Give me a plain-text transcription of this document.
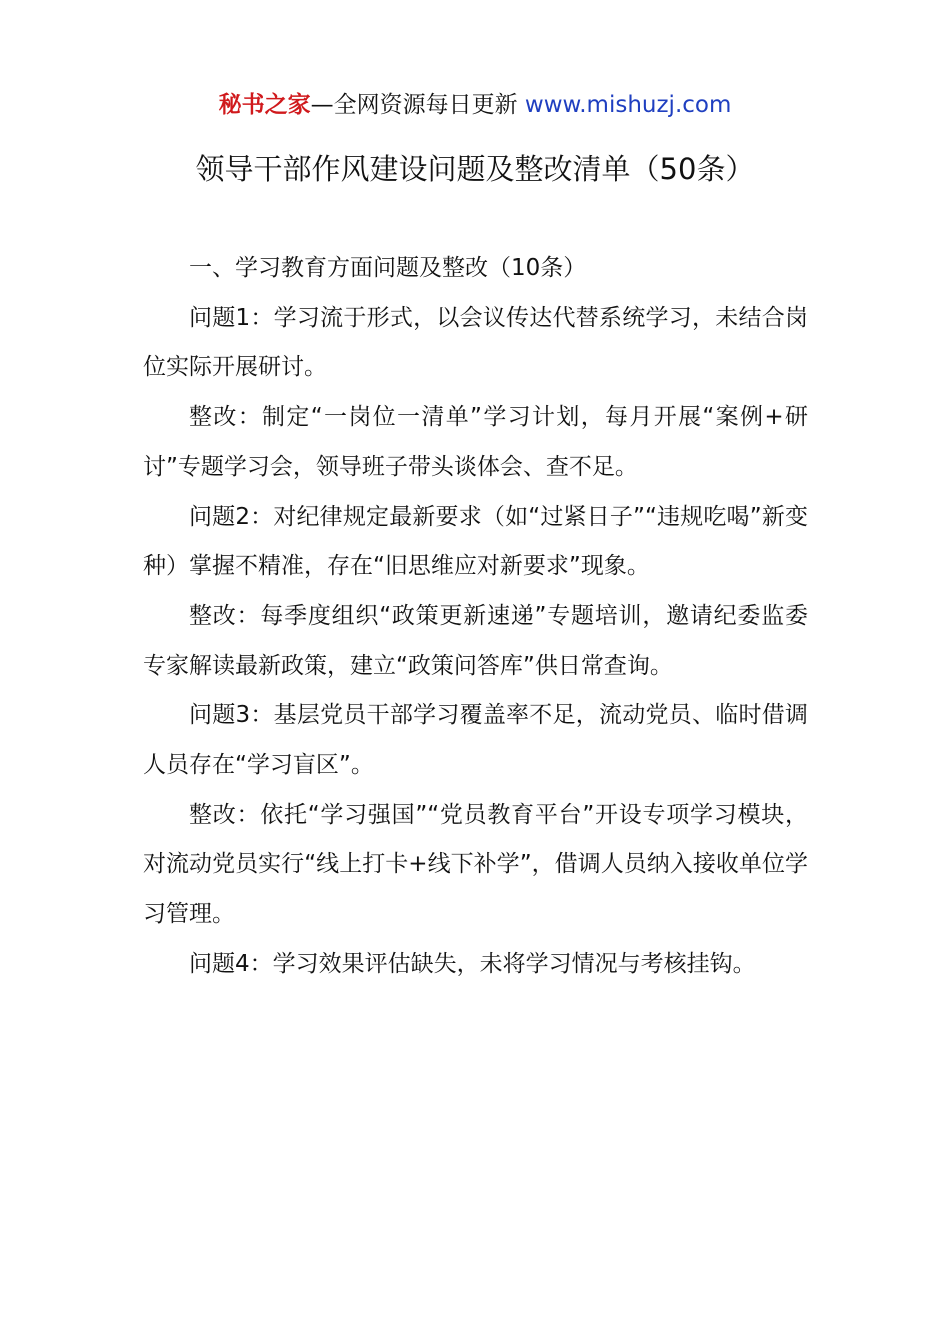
秘书之家—全网资源每日更新 www.mishuzj.com
领导干部作风建设问题及整改清单（50条）

一、学习教育方面问题及整改（10条）

问题1：学习流于形式，以会议传达代替系统学习，未结合岗位实际开展研讨。

整改：制定“一岗位一清单”学习计划，每月开展“案例+研讨”专题学习会，领导班子带头谈体会、查不足。

问题2：对纪律规定最新要求（如“过紧日子”“违规吃喝”新变种）掌握不精准，存在“旧思维应对新要求”现象。

整改：每季度组织“政策更新速递”专题培训，邀请纪委监委专家解读最新政策，建立“政策问答库”供日常查询。

问题3：基层党员干部学习覆盖率不足，流动党员、临时借调人员存在“学习盲区”。

整改：依托“学习强国”“党员教育平台”开设专项学习模块，对流动党员实行“线上打卡+线下补学”，借调人员纳入接收单位学习管理。

问题4：学习效果评估缺失，未将学习情况与考核挂钩。
